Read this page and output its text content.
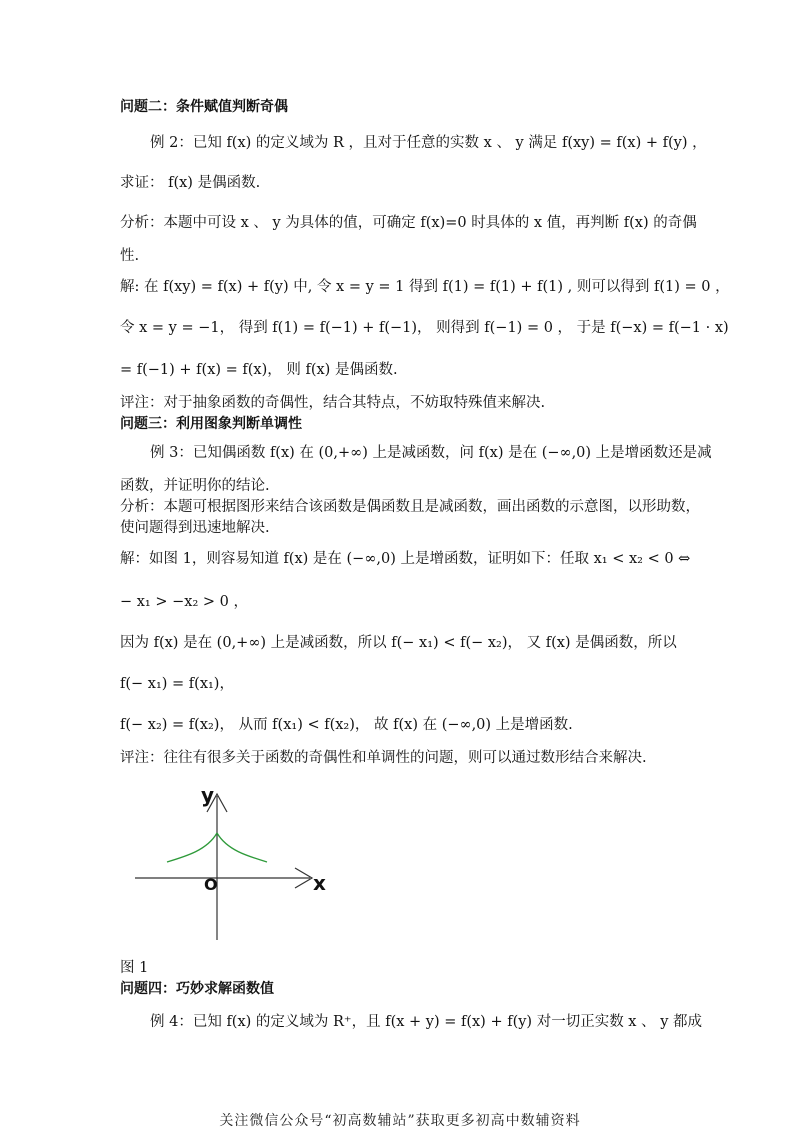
问题二：条件赋值判断奇偶
例 2：已知 f(x) 的定义域为 R ，且对于任意的实数 x 、 y 满足 f(xy) = f(x) + f(y) ，
求证： f(x) 是偶函数.
分析：本题中可设 x 、 y 为具体的值，可确定 f(x)=0 时具体的 x 值，再判断 f(x) 的奇偶
性.
解: 在 f(xy) = f(x) + f(y) 中, 令 x = y = 1 得到 f(1) = f(1) + f(1) , 则可以得到 f(1) = 0 ，
令 x = y = −1， 得到 f(1) = f(−1) + f(−1)， 则得到 f(−1) = 0 ， 于是 f(−x) = f(−1 · x)
= f(−1) + f(x) = f(x)， 则 f(x) 是偶函数.
评注：对于抽象函数的奇偶性，结合其特点，不妨取特殊值来解决.
问题三：利用图象判断单调性
例 3：已知偶函数 f(x) 在 (0,+∞) 上是减函数，问 f(x) 是在 (−∞,0) 上是增函数还是减
函数，并证明你的结论.
分析：本题可根据图形来结合该函数是偶函数且是减函数，画出函数的示意图，以形助数，
使问题得到迅速地解决.
解：如图 1，则容易知道 f(x) 是在 (−∞,0) 上是增函数，证明如下：任取 x₁ < x₂ < 0 ⇔
− x₁ > −x₂ > 0 ，
因为 f(x) 是在 (0,+∞) 上是减函数，所以 f(− x₁) < f(− x₂)， 又 f(x) 是偶函数，所以
f(− x₁) = f(x₁)，
f(− x₂) = f(x₂)， 从而 f(x₁) < f(x₂)， 故 f(x) 在 (−∞,0) 上是增函数.
评注：往往有很多关于函数的奇偶性和单调性的问题，则可以通过数形结合来解决.
y
x
O
图 1
问题四：巧妙求解函数值
例 4：已知 f(x) 的定义域为 R⁺，且 f(x + y) = f(x) + f(y) 对一切正实数 x 、 y 都成
关注微信公众号“初高数辅站”获取更多初高中数辅资料
